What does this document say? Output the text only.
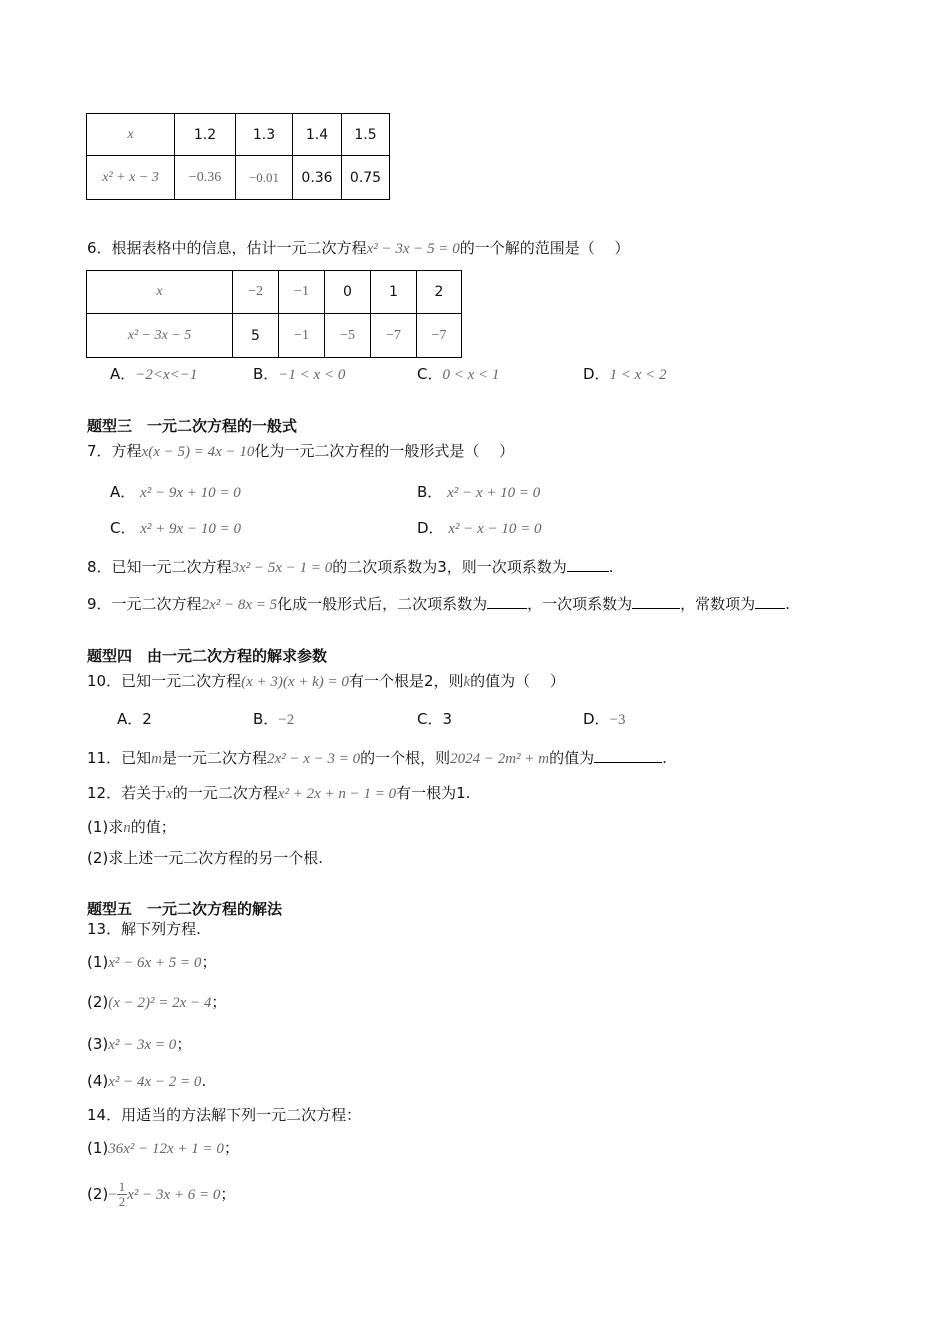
x	1.2	1.3	1.4	1.5
x² + x − 3	−0.36	−0.01	0.36	0.75
6．根据表格中的信息，估计一元二次方程x² − 3x − 5 = 0的一个解的范围是（　 ）
x	−2	−1	0	1	2
x² − 3x − 5	5	−1	−5	−7	−7
A．−2<x<−1	B．−1 < x < 0	C．0 < x < 1	D．1 < x < 2
题型三　一元二次方程的一般式
7．方程x(x − 5) = 4x − 10化为一元二次方程的一般形式是（　 ）
A． x² − 9x + 10 = 0	B． x² − x + 10 = 0
C． x² + 9x − 10 = 0	D． x² − x − 10 = 0
8．已知一元二次方程3x² − 5x − 1 = 0的二次项系数为3，则一次项系数为	.
9．一元二次方程2x² − 8x = 5化成一般形式后，二次项系数为	，一次项系数为	，常数项为 .
题型四　由一元二次方程的解求参数
10．已知一元二次方程(x + 3)(x + k) = 0有一个根是2，则k的值为（　 ）
A．2	B．−2	C．3	D．−3
11．已知m是一元二次方程2x² − x − 3 = 0的一个根，则2024 − 2m² + m的值为	.
12．若关于x的一元二次方程x² + 2x + n − 1 = 0有一根为1.
(1)求n的值；
(2)求上述一元二次方程的另一个根.
题型五　一元二次方程的解法
13．解下列方程.
(1)x² − 6x + 5 = 0；
(2)(x − 2)² = 2x − 4；
(3)x² − 3x = 0；
(4)x² − 4x − 2 = 0.
14．用适当的方法解下列一元二次方程：
(1)36x² − 12x + 1 = 0；
$(2)- \frac{1}{2} x^2 - 3x + 6 = 0$；
